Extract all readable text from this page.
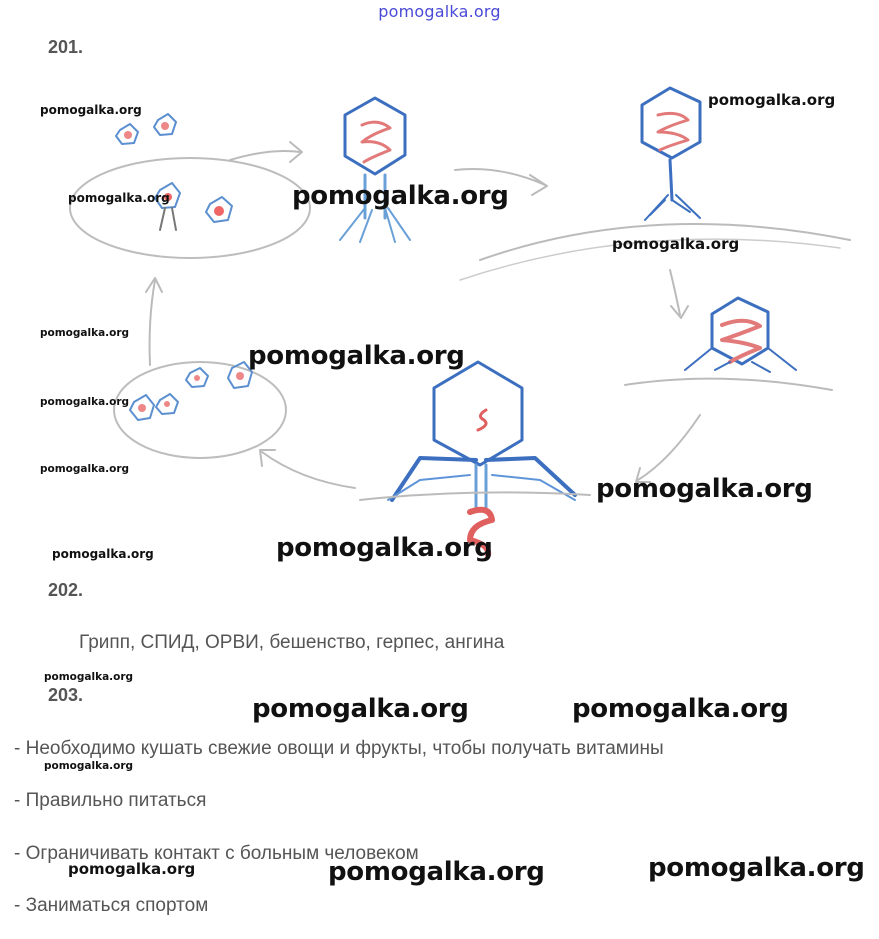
pomogalka.org
201.
Выход
вирусов
из
клетки
бактерия
бактерия
Введение
ДНК в бакте-
рию
образование
вирусов
pomogalka.org
pomogalka.org
pomogalka.org	pomogalka.org
pomogalka.org
pomogalka.org
pomogalka.org
pomogalka.org
pomogalka.org
pomogalka.org
pomogalka.org	pomogalka.org
202.
Грипп, СПИД, ОРВИ, бешенство, герпес, ангина
pomogalka.org
203.	pomogalka.org	pomogalka.org
- Необходимо кушать свежие овощи и фрукты, чтобы получать витамины
pomogalka.org
- Правильно питаться
- Ограничивать контакт с больным человеком
pomogalka.org	pomogalka.org	pomogalka.org
- Заниматься спортом
